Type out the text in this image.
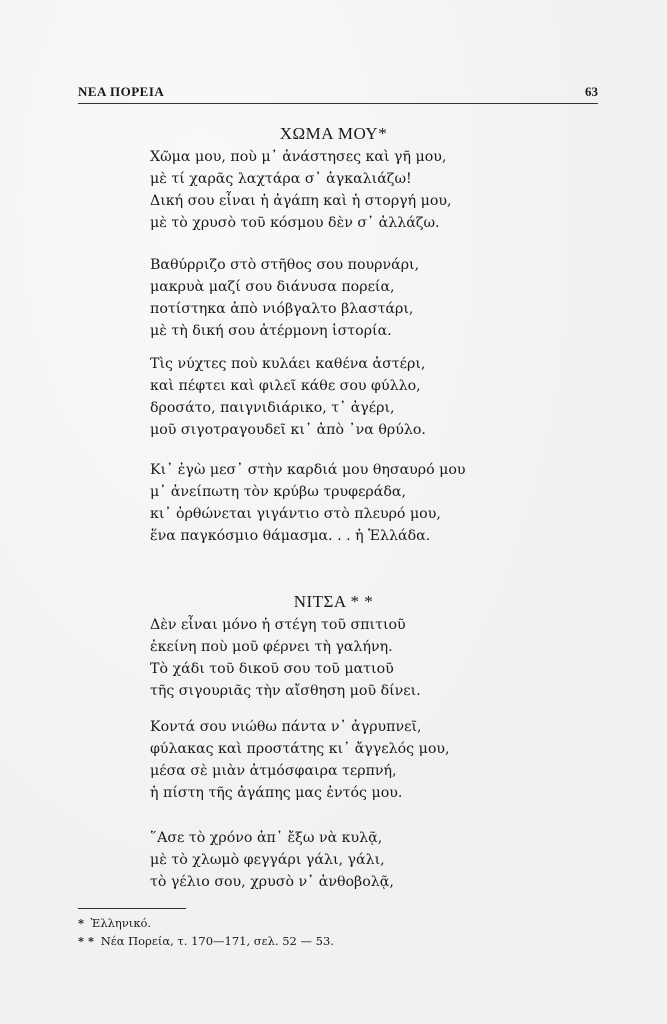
ΝΕΑ ΠΟΡΕΙΑ	63
ΧΩΜΑ ΜΟΥ*
Χῶμα μου, ποὺ μ᾿ ἀνάστησες καὶ γῆ μου,
μὲ τί χαρᾶς λαχτάρα σ᾿ ἀγκαλιάζω!
Δική σου εἶναι ἡ ἀγάπη καὶ ἡ στοργή μου,
μὲ τὸ χρυσὸ τοῦ κόσμου δὲν σ᾿ ἀλλάζω.
Βαθύρριζο στὸ στῆθος σου πουρνάρι,
μακρυὰ μαζί σου διάνυσα πορεία,
ποτίστηκα ἀπὸ νιόβγαλτο βλαστάρι,
μὲ τὴ δική σου ἀτέρμονη ἱστορία.
Τὶς νύχτες ποὺ κυλάει καθένα ἀστέρι,
καὶ πέφτει καὶ φιλεῖ κάθε σου φύλλο,
δροσάτο, παιγνιδιάρικο, τ᾿ ἀγέρι,
μοῦ σιγοτραγουδεῖ κι᾿ ἀπὸ ᾿να θρύλο.
Κι᾿ ἐγὼ μεσ᾿ στὴν καρδιά μου θησαυρό μου
μ᾿ ἀνείπωτη τὸν κρύβω τρυφεράδα,
κι᾿ ὀρθώνεται γιγάντιο στὸ πλευρό μου,
ἕνα παγκόσμιο θάμασμα. . . ἡ Ἑλλάδα.
ΝΙΤΣΑ * *
Δὲν εἶναι μόνο ἡ στέγη τοῦ σπιτιοῦ
ἐκείνη ποὺ μοῦ φέρνει τὴ γαλήνη.
Τὸ χάδι τοῦ δικοῦ σου τοῦ ματιοῦ
τῆς σιγουριᾶς τὴν αἴσθηση μοῦ δίνει.
Κοντά σου νιώθω πάντα ν᾿ ἀγρυπνεῖ,
φύλακας καὶ προστάτης κι᾿ ἄγγελός μου,
μέσα σὲ μιὰν ἀτμόσφαιρα τερπνή,
ἡ πίστη τῆς ἀγάπης μας ἐντός μου.
῞Ασε τὸ χρόνο ἀπ᾿ ἔξω νὰ κυλᾷ,
μὲ τὸ χλωμὸ φεγγάρι γάλι, γάλι,
τὸ γέλιο σου, χρυσὸ ν᾿ ἀνθοβολᾷ,
* Ἑλληνικό.
* * Νέα Πορεία, τ. 170—171, σελ. 52 — 53.
